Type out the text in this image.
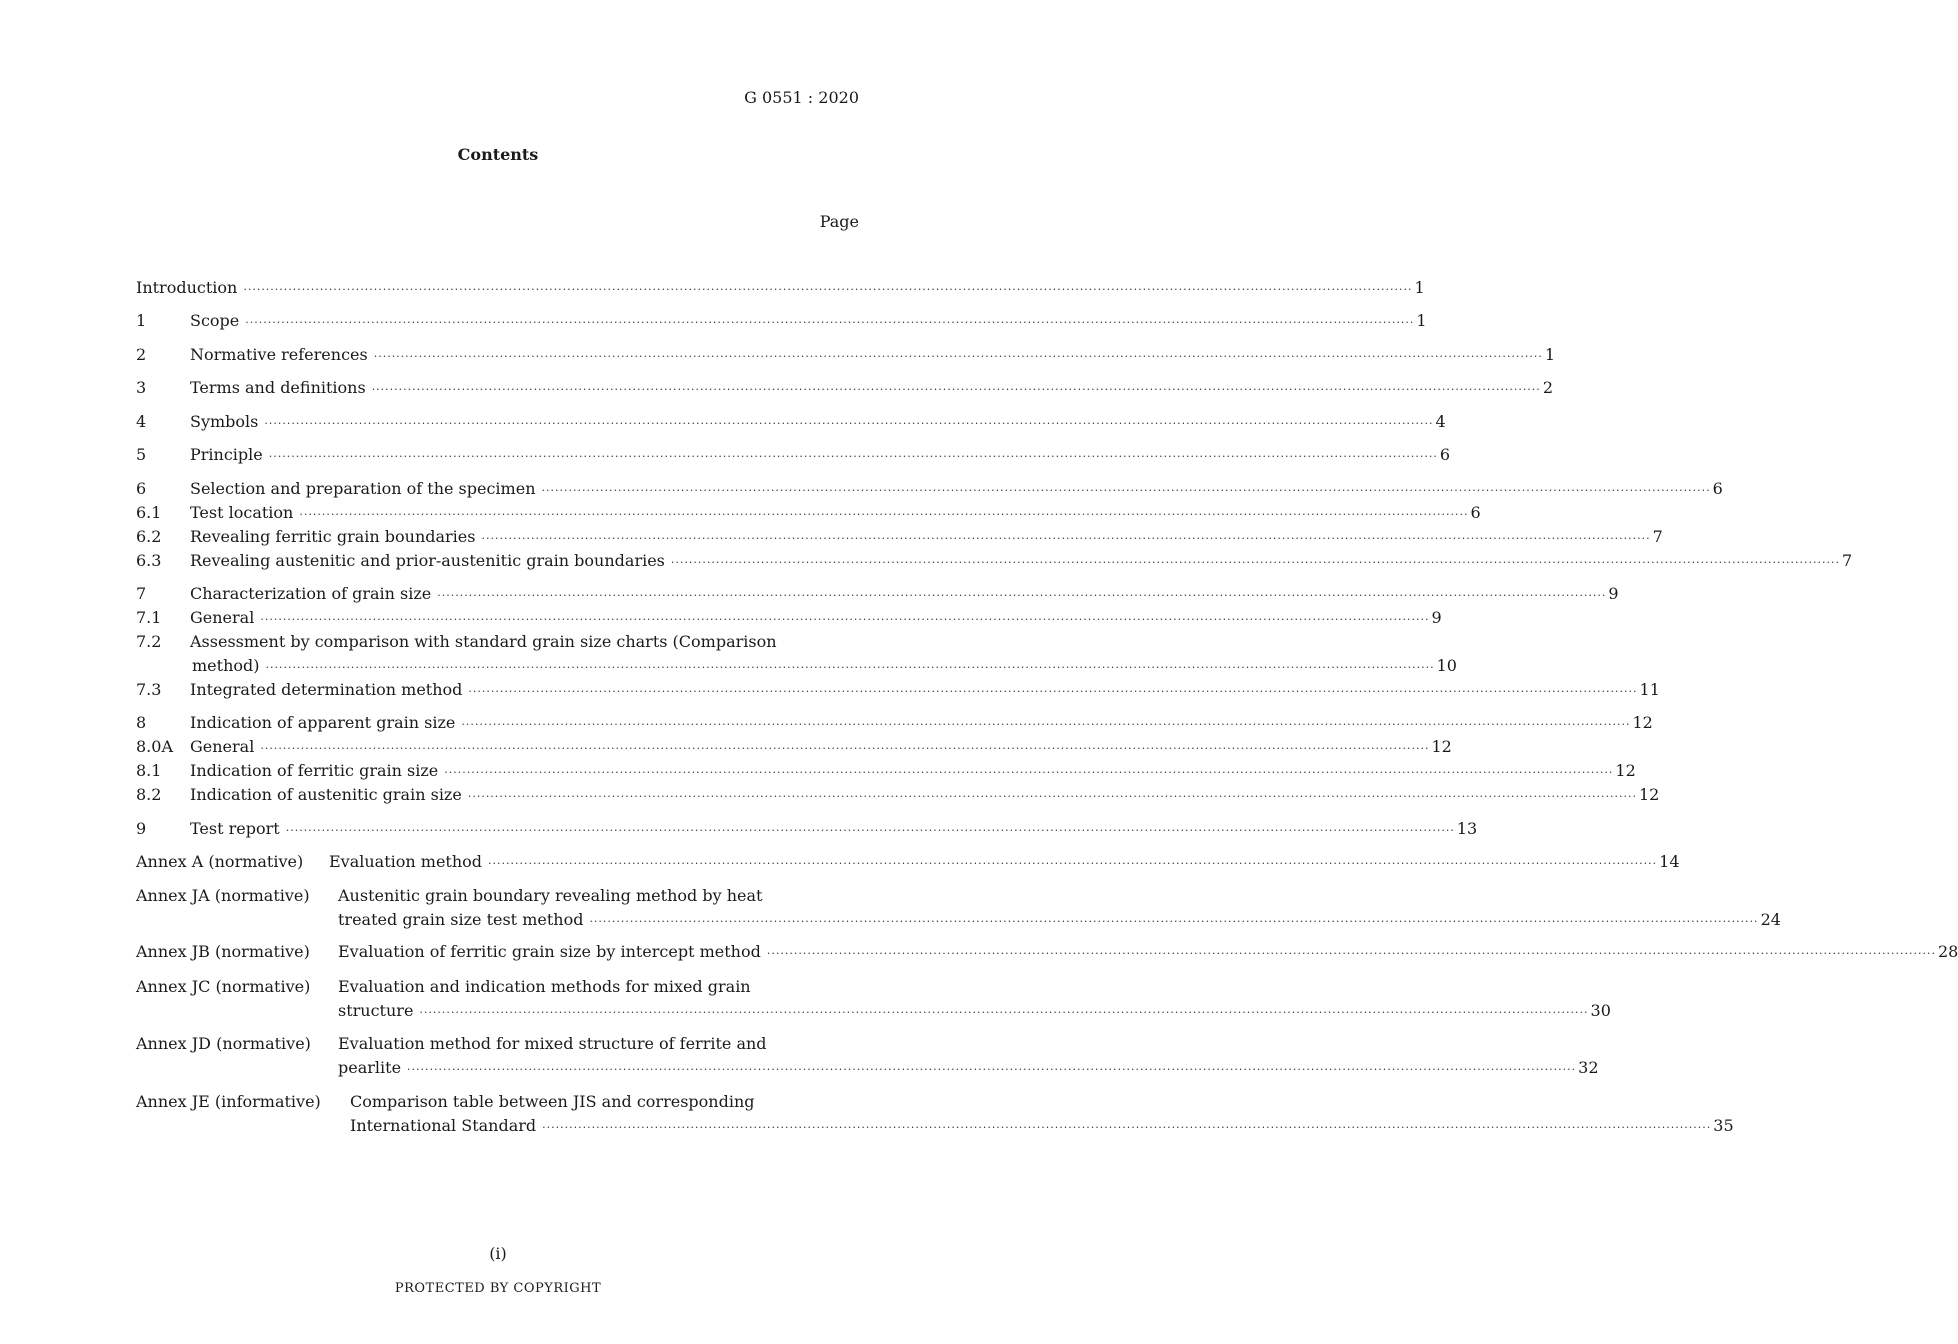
G 0551 : 2020
Contents
Page
Introduction ···································································································································································································································································· 1
1	Scope ···································································································································································································································································· 1
2	Normative references ···································································································································································································································································· 1
3	Terms and definitions ···································································································································································································································································· 2
4	Symbols ···································································································································································································································································· 4
5	Principle ···································································································································································································································································· 6
6	Selection and preparation of the specimen ···································································································································································································································································· 6
6.1 Test location ···································································································································································································································································· 6
6.2 Revealing ferritic grain boundaries ···································································································································································································································································· 7
6.3 Revealing austenitic and prior-austenitic grain boundaries ···································································································································································································································································· 7
7	Characterization of grain size ···································································································································································································································································· 9
7.1 General ···································································································································································································································································· 9
7.2 Assessment by comparison with standard grain size charts (Comparison
method) ···································································································································································································································································· 10
7.3 Integrated determination method ···································································································································································································································································· 11
8	Indication of apparent grain size ···································································································································································································································································· 12
8.0A General ···································································································································································································································································· 12
8.1 Indication of ferritic grain size ···································································································································································································································································· 12
8.2 Indication of austenitic grain size ···································································································································································································································································· 12
9	Test report ···································································································································································································································································· 13
Annex A (normative) Evaluation method ···································································································································································································································································· 14
Annex JA (normative) Austenitic grain boundary revealing method by heat
treated grain size test method ···································································································································································································································································· 24
Annex JB (normative) Evaluation of ferritic grain size by intercept method ···································································································································································································································································· 28
Annex JC (normative) Evaluation and indication methods for mixed grain
structure ···································································································································································································································································· 30
Annex JD (normative) Evaluation method for mixed structure of ferrite and
pearlite ···································································································································································································································································· 32
Annex JE (informative) Comparison table between JIS and corresponding
International Standard ···································································································································································································································································· 35
(i)
PROTECTED BY COPYRIGHT
